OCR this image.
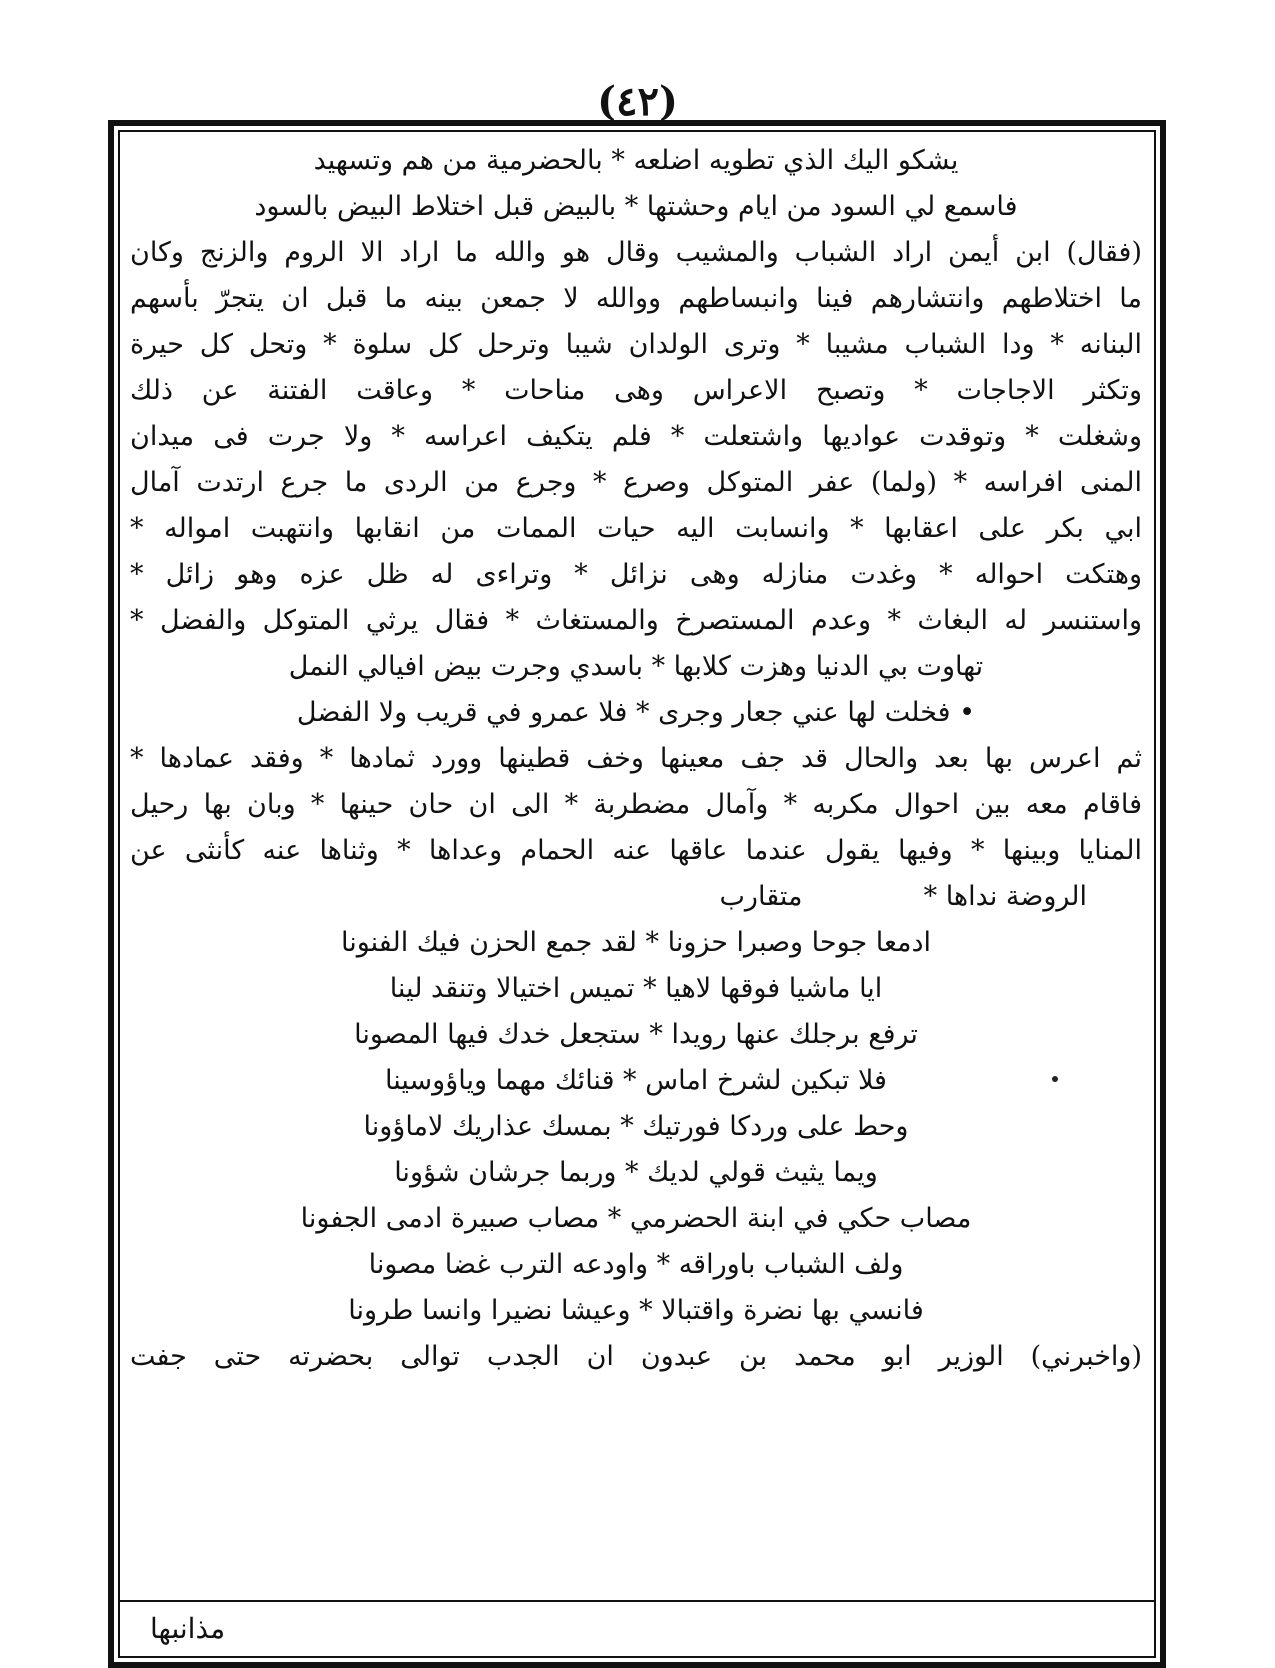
(٤٢)
يشكو اليك الذي تطويه اضلعه * بالحضرمية من هم وتسهيد
فاسمع لي السود من ايام وحشتها * بالبيض قبل اختلاط البيض بالسود
(فقال) ابن أيمن اراد الشباب والمشيب وقال هو والله ما اراد الا الروم والزنج وكان
ما اختلاطهم وانتشارهم فينا وانبساطهم ووالله لا جمعن بينه ما قبل ان يتجرّ بأسهم
البنانه * ودا الشباب مشيبا * وترى الولدان شيبا وترحل كل سلوة * وتحل كل حيرة
وتكثر الاجاجات * وتصبح الاعراس وهى مناحات * وعاقت الفتنة عن ذلك
وشغلت * وتوقدت عواديها واشتعلت * فلم يتكيف اعراسه * ولا جرت فى ميدان
المنى افراسه * (ولما) عفر المتوكل وصرع * وجرع من الردى ما جرع ارتدت آمال
ابي بكر على اعقابها * وانسابت اليه حيات الممات من انقابها وانتهبت امواله *
وهتكت احواله * وغدت منازله وهى نزائل * وتراءى له ظل عزه وهو زائل *
واستنسر له البغاث * وعدم المستصرخ والمستغاث * فقال يرثي المتوكل والفضل *
تهاوت بي الدنيا وهزت كلابها * باسدي وجرت بيض افيالي النمل
• فخلت لها عني جعار وجرى * فلا عمرو في قريب ولا الفضل
ثم اعرس بها بعد والحال قد جف معينها وخف قطينها وورد ثمادها * وفقد عمادها *
فاقام معه بين احوال مكربه * وآمال مضطربة * الى ان حان حينها * وبان بها رحيل
المنايا وبينها * وفيها يقول عندما عاقها عنه الحمام وعداها * وثناها عنه كأنثى عن
الروضة نداها *
متقارب
ادمعا جوحا وصبرا حزونا * لقد جمع الحزن فيك الفنونا
ايا ماشيا فوقها لاهيا * تميس اختيالا وتنقد لينا
ترفع برجلك عنها رويدا * ستجعل خدك فيها المصونا
فلا تبكين لشرخ اماس * قنائك مهما وياؤوسينا
وحط على وردكا فورتيك * بمسك عذاريك لاماؤونا
ويما يثيث قولي لديك * وربما جرشان شؤونا
مصاب حكي في ابنة الحضرمي * مصاب صبيرة ادمى الجفونا
ولف الشباب باوراقه * واودعه الترب غضا مصونا
فانسي بها نضرة واقتبالا * وعيشا نضيرا وانسا طرونا
(واخبرني) الوزير ابو محمد بن عبدون ان الجدب توالى بحضرته حتى جفت
مذانبها
